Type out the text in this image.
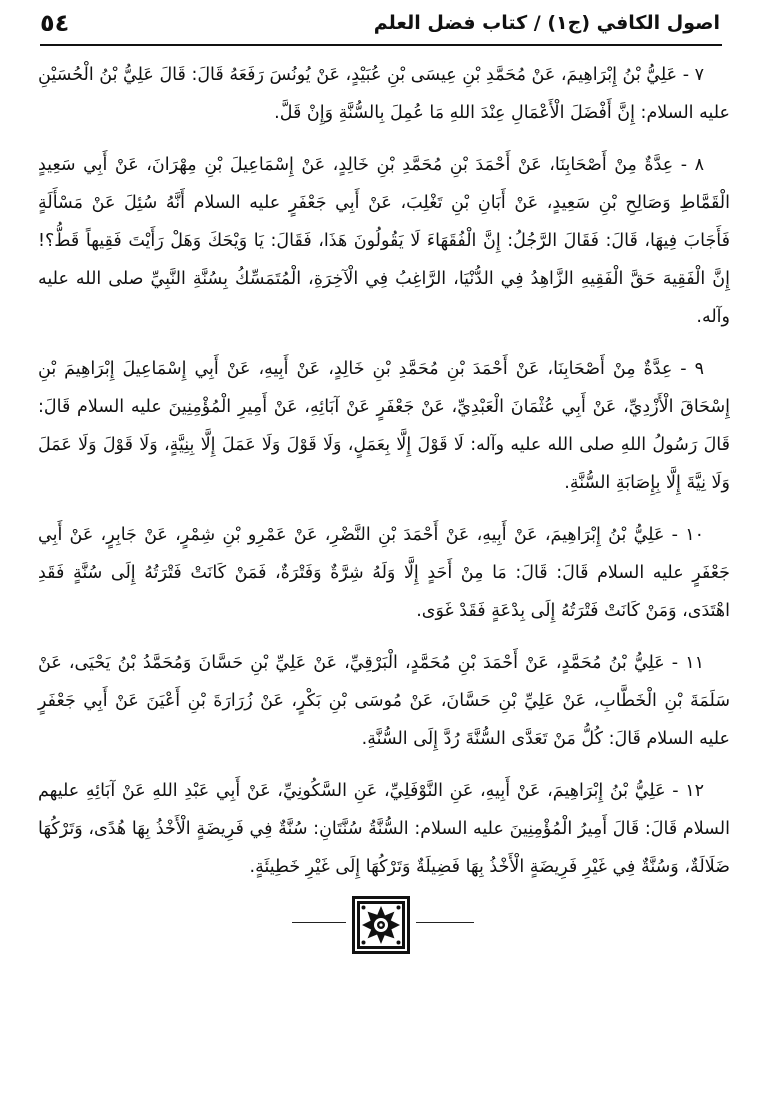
اصول الكافي (ج١) / كتاب فضل العلم
٥٤

٧ - عَلِيُّ بْنُ إِبْرَاهِيمَ، عَنْ مُحَمَّدِ بْنِ عِيسَى بْنِ عُبَيْدٍ، عَنْ يُونُسَ رَفَعَهُ قَالَ: قَالَ عَلِيُّ بْنُ الْحُسَيْنِ عليه السلام: إِنَّ أَفْضَلَ الْأَعْمَالِ عِنْدَ اللهِ مَا عُمِلَ بِالسُّنَّةِ وَإِنْ قَلَّ.

٨ - عِدَّةٌ مِنْ أَصْحَابِنَا، عَنْ أَحْمَدَ بْنِ مُحَمَّدِ بْنِ خَالِدٍ، عَنْ إِسْمَاعِيلَ بْنِ مِهْرَانَ، عَنْ أَبِي سَعِيدٍ الْقَمَّاطِ وَصَالِحِ بْنِ سَعِيدٍ، عَنْ أَبَانِ بْنِ تَغْلِبَ، عَنْ أَبِي جَعْفَرٍ عليه السلام أَنَّهُ سُئِلَ عَنْ مَسْأَلَةٍ فَأَجَابَ فِيهَا، قَالَ: فَقَالَ الرَّجُلُ: إِنَّ الْفُقَهَاءَ لَا يَقُولُونَ هَذَا، فَقَالَ: يَا وَيْحَكَ وَهَلْ رَأَيْتَ فَقِيهاً قَطُّ؟! إِنَّ الْفَقِيهَ حَقَّ الْفَقِيهِ الزَّاهِدُ فِي الدُّنْيَا، الرَّاغِبُ فِي الْآخِرَةِ، الْمُتَمَسِّكُ بِسُنَّةِ النَّبِيِّ صلى الله عليه وآله.

٩ - عِدَّةٌ مِنْ أَصْحَابِنَا، عَنْ أَحْمَدَ بْنِ مُحَمَّدِ بْنِ خَالِدٍ، عَنْ أَبِيهِ، عَنْ أَبِي إِسْمَاعِيلَ إِبْرَاهِيمَ بْنِ إِسْحَاقَ الْأَزْدِيِّ، عَنْ أَبِي عُثْمَانَ الْعَبْدِيِّ، عَنْ جَعْفَرٍ عَنْ آبَائِهِ، عَنْ أَمِيرِ الْمُؤْمِنِينَ عليه السلام قَالَ: قَالَ رَسُولُ اللهِ صلى الله عليه وآله: لَا قَوْلَ إِلَّا بِعَمَلٍ، وَلَا قَوْلَ وَلَا عَمَلَ إِلَّا بِنِيَّةٍ، وَلَا قَوْلَ وَلَا عَمَلَ وَلَا نِيَّةَ إِلَّا بِإِصَابَةِ السُّنَّةِ.

١٠ - عَلِيُّ بْنُ إِبْرَاهِيمَ، عَنْ أَبِيهِ، عَنْ أَحْمَدَ بْنِ النَّضْرِ، عَنْ عَمْرِو بْنِ شِمْرٍ، عَنْ جَابِرٍ، عَنْ أَبِي جَعْفَرٍ عليه السلام قَالَ: قَالَ: مَا مِنْ أَحَدٍ إِلَّا وَلَهُ شِرَّةٌ وَفَتْرَةٌ، فَمَنْ كَانَتْ فَتْرَتُهُ إِلَى سُنَّةٍ فَقَدِ اهْتَدَى، وَمَنْ كَانَتْ فَتْرَتُهُ إِلَى بِدْعَةٍ فَقَدْ غَوَى.

١١ - عَلِيُّ بْنُ مُحَمَّدٍ، عَنْ أَحْمَدَ بْنِ مُحَمَّدٍ، الْبَرْقِيِّ، عَنْ عَلِيِّ بْنِ حَسَّانَ وَمُحَمَّدُ بْنُ يَحْيَى، عَنْ سَلَمَةَ بْنِ الْخَطَّابِ، عَنْ عَلِيِّ بْنِ حَسَّانَ، عَنْ مُوسَى بْنِ بَكْرٍ، عَنْ زُرَارَةَ بْنِ أَعْيَنَ عَنْ أَبِي جَعْفَرٍ عليه السلام قَالَ: كُلُّ مَنْ تَعَدَّى السُّنَّةَ رُدَّ إِلَى السُّنَّةِ.

١٢ - عَلِيُّ بْنُ إِبْرَاهِيمَ، عَنْ أَبِيهِ، عَنِ النَّوْفَلِيِّ، عَنِ السَّكُونِيِّ، عَنْ أَبِي عَبْدِ اللهِ عَنْ آبَائِهِ عليهم السلام قَالَ: قَالَ أَمِيرُ الْمُؤْمِنِينَ عليه السلام: السُّنَّةُ سُنَّتَانِ: سُنَّةٌ فِي فَرِيضَةٍ الْأَخْذُ بِهَا هُدًى، وَتَرْكُهَا ضَلَالَةٌ، وَسُنَّةٌ فِي غَيْرِ فَرِيضَةٍ الْأَخْذُ بِهَا فَضِيلَةٌ وَتَرْكُهَا إِلَى غَيْرِ خَطِيئَةٍ.
